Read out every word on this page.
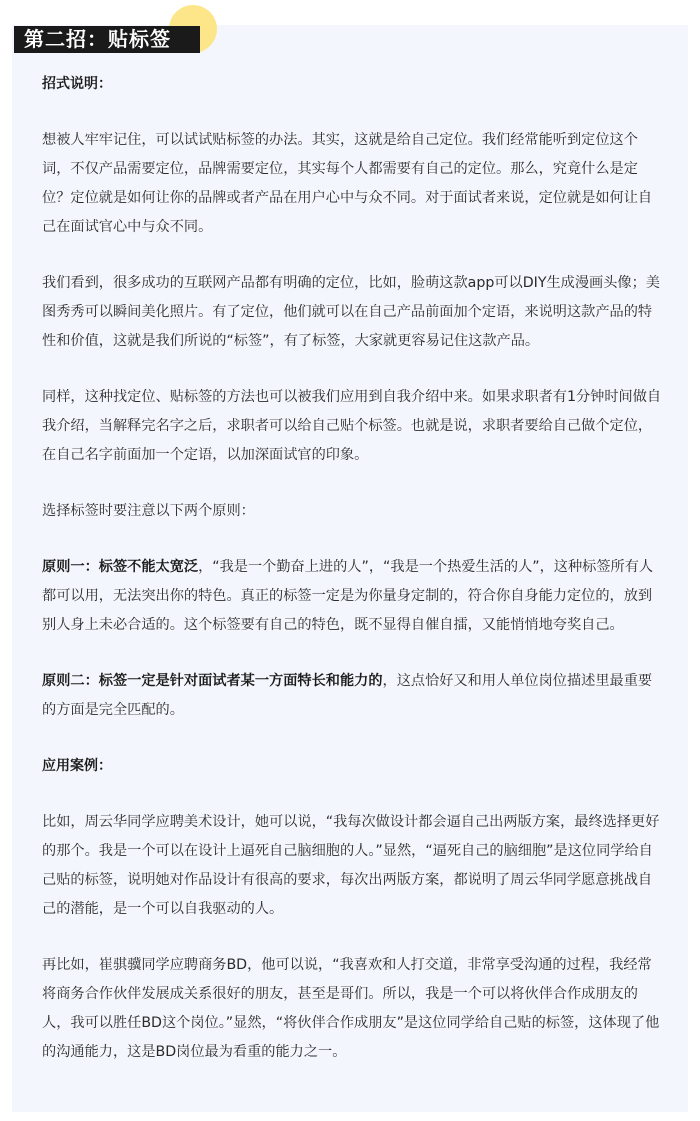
第二招：贴标签

招式说明：

想被人牢牢记住，可以试试贴标签的办法。其实，这就是给自己定位。我们经常能听到定位这个词，不仅产品需要定位，品牌需要定位，其实每个人都需要有自己的定位。那么，究竟什么是定位？定位就是如何让你的品牌或者产品在用户心中与众不同。对于面试者来说，定位就是如何让自己在面试官心中与众不同。

我们看到，很多成功的互联网产品都有明确的定位，比如，脸萌这款app可以DIY生成漫画头像；美图秀秀可以瞬间美化照片。有了定位，他们就可以在自己产品前面加个定语，来说明这款产品的特性和价值，这就是我们所说的“标签”，有了标签，大家就更容易记住这款产品。

同样，这种找定位、贴标签的方法也可以被我们应用到自我介绍中来。如果求职者有1分钟时间做自我介绍，当解释完名字之后，求职者可以给自己贴个标签。也就是说，求职者要给自己做个定位，在自己名字前面加一个定语，以加深面试官的印象。

选择标签时要注意以下两个原则：

原则一：标签不能太宽泛，“我是一个勤奋上进的人”，“我是一个热爱生活的人”，这种标签所有人都可以用，无法突出你的特色。真正的标签一定是为你量身定制的，符合你自身能力定位的，放到别人身上未必合适的。这个标签要有自己的特色，既不显得自催自擂，又能悄悄地夸奖自己。

原则二：标签一定是针对面试者某一方面特长和能力的，这点恰好又和用人单位岗位描述里最重要的方面是完全匹配的。

应用案例：

比如，周云华同学应聘美术设计，她可以说，“我每次做设计都会逼自己出两版方案，最终选择更好的那个。我是一个可以在设计上逼死自己脑细胞的人。”显然，“逼死自己的脑细胞”是这位同学给自己贴的标签，说明她对作品设计有很高的要求，每次出两版方案，都说明了周云华同学愿意挑战自己的潜能，是一个可以自我驱动的人。

再比如，崔骐骥同学应聘商务BD，他可以说，“我喜欢和人打交道，非常享受沟通的过程，我经常将商务合作伙伴发展成关系很好的朋友，甚至是哥们。所以，我是一个可以将伙伴合作成朋友的人，我可以胜任BD这个岗位。”显然，“将伙伴合作成朋友”是这位同学给自己贴的标签，这体现了他的沟通能力，这是BD岗位最为看重的能力之一。
